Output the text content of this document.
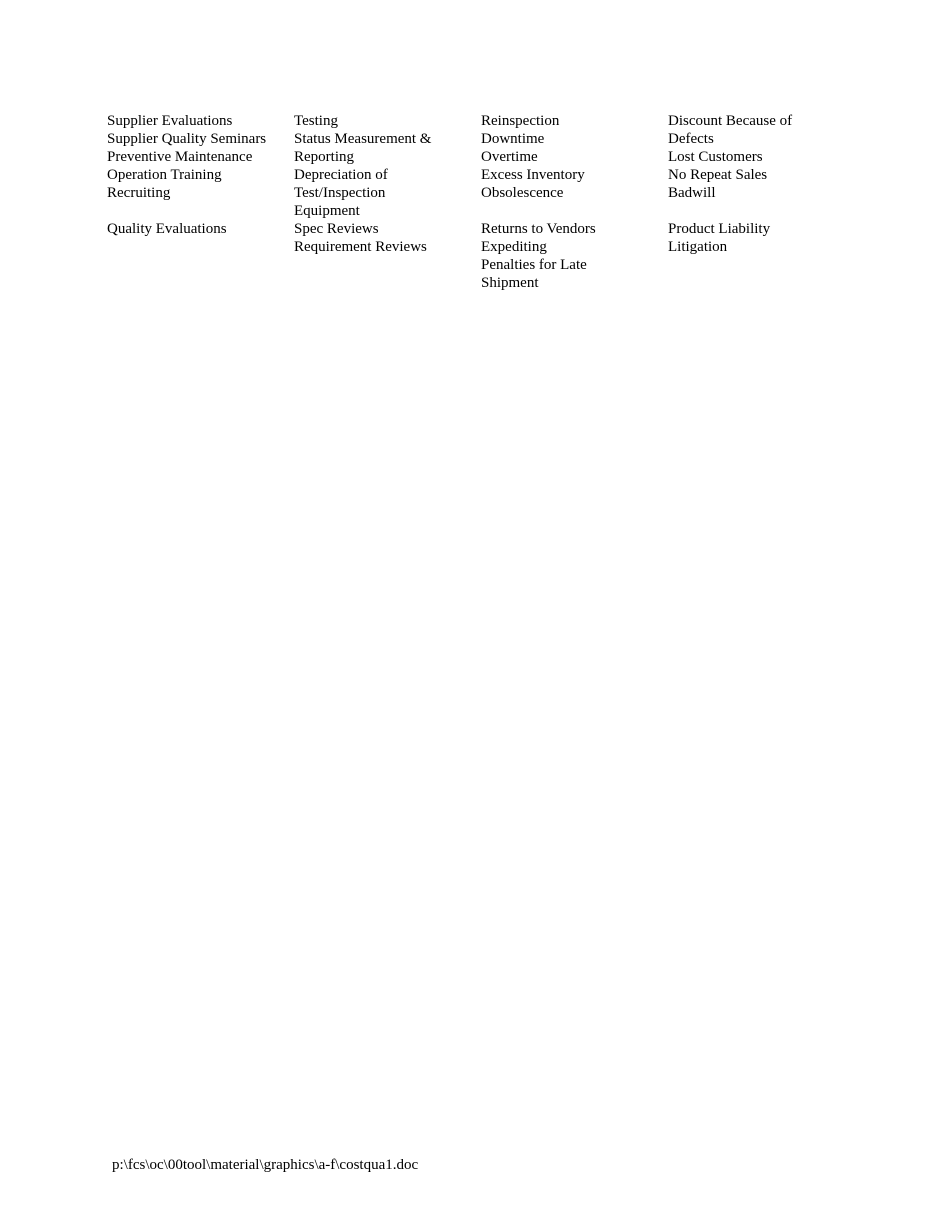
Supplier Evaluations
Supplier Quality Seminars
Preventive Maintenance
Operation Training
Recruiting
Quality Evaluations
Testing
Status Measurement &
Reporting
Depreciation of
Test/Inspection
Equipment
Spec Reviews
Requirement Reviews
Reinspection
Downtime
Overtime
Excess Inventory
Obsolescence
Returns to Vendors
Expediting
Penalties for Late
Shipment
Discount Because of
Defects
Lost Customers
No Repeat Sales
Badwill
Product Liability
Litigation
p:\fcs\oc\00tool\material\graphics\a-f\costqua1.doc
